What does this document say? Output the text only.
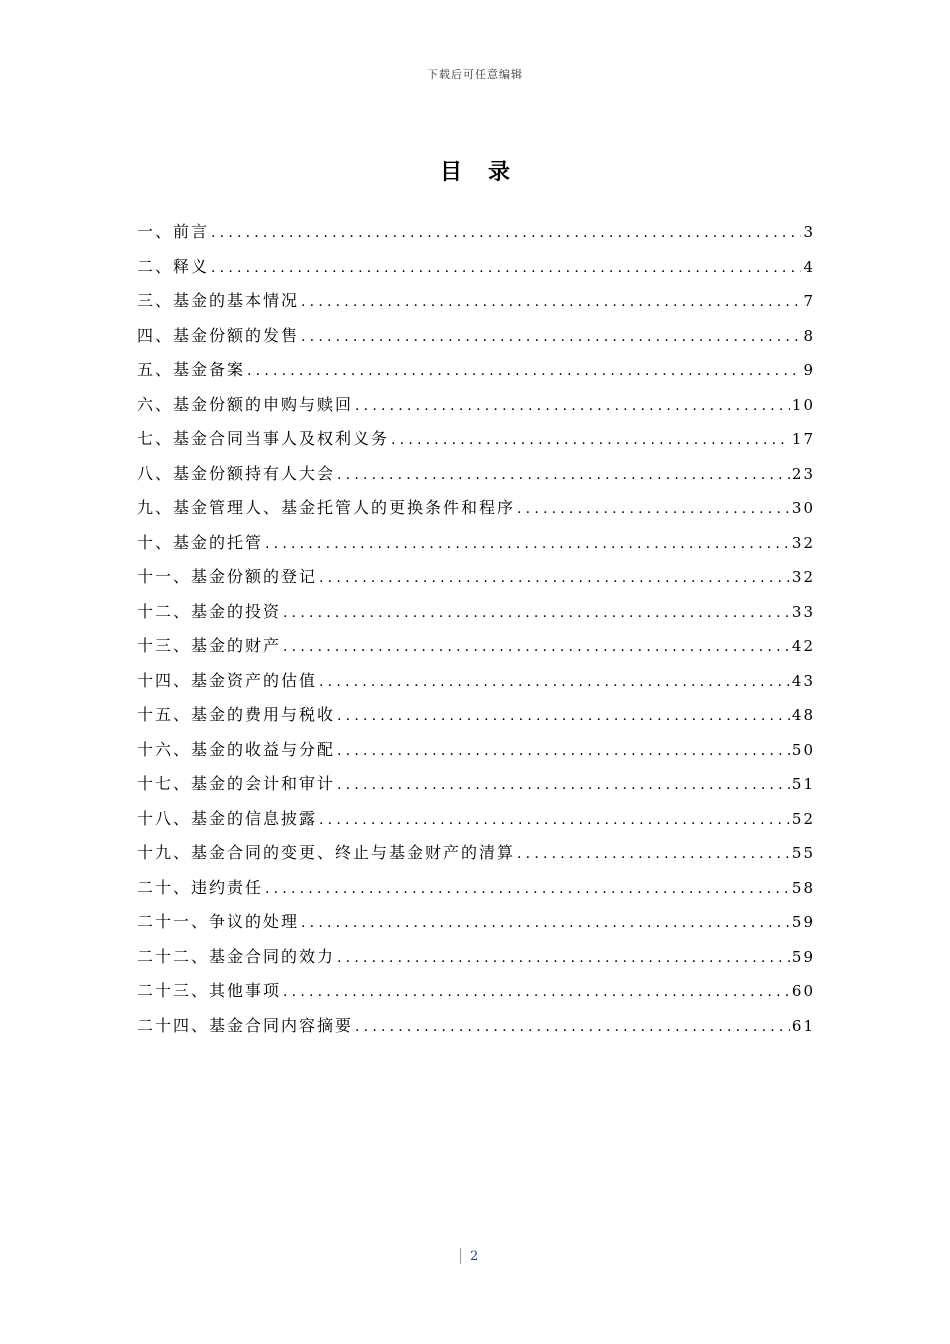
下载后可任意编辑
目录
一、前言 .....	3
二、释义 .....	4
三、基金的基本情况 .....	7
四、基金份额的发售 .....	8
五、基金备案 .....	9
六、基金份额的申购与赎回 .....	10
七、基金合同当事人及权利义务 .....	17
八、基金份额持有人大会 .....	23
九、基金管理人、基金托管人的更换条件和程序 .....	30
十、基金的托管 .....	32
十一、基金份额的登记 .....	32
十二、基金的投资 .....	33
十三、基金的财产 .....	42
十四、基金资产的估值 .....	43
十五、基金的费用与税收 .....	48
十六、基金的收益与分配 .....	50
十七、基金的会计和审计 .....	51
十八、基金的信息披露 .....	52
十九、基金合同的变更、终止与基金财产的清算 .....	55
二十、违约责任 .....	58
二十一、争议的处理 .....	59
二十二、基金合同的效力 .....	59
二十三、其他事项 .....	60
二十四、基金合同内容摘要 .....	61
2
